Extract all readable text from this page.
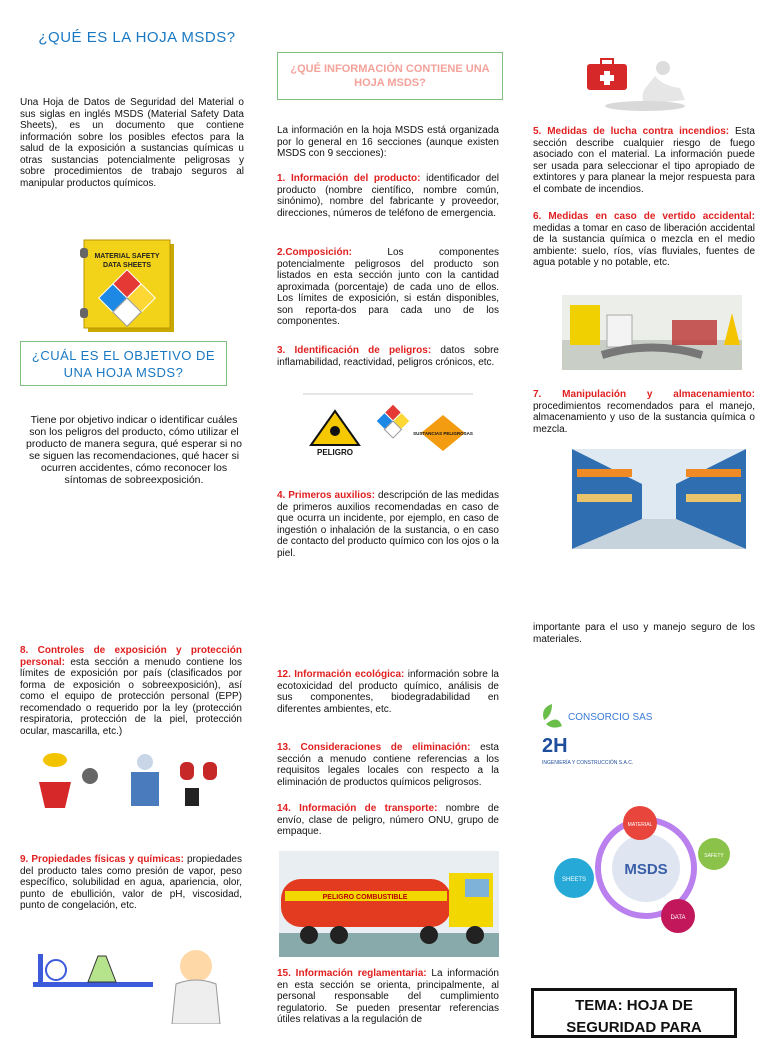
¿QUÉ ES LA HOJA MSDS?

Una Hoja de Datos de Seguridad del Material o sus siglas en inglés MSDS (Material Safety Data Sheets), es un documento que contiene información sobre los posibles efectos para la salud de la exposición a sustancias químicas u otras sustancias potencialmente peligrosas y sobre procedimientos de trabajo seguros al manipular productos químicos.

MATERIAL SAFETY
DATA SHEETS

¿CUÁL ES EL OBJETIVO DE UNA HOJA MSDS?

Tiene por objetivo indicar o identificar cuáles son los peligros del producto, cómo utilizar el producto de manera segura, qué esperar si no se siguen las recomendaciones, qué hacer si ocurren accidentes, cómo reconocer los síntomas de sobreexposición.

¿QUÉ INFORMACIÓN CONTIENE UNA HOJA MSDS?

La información en la hoja MSDS está organizada por lo general en 16 secciones (aunque existen MSDS con 9 secciones):

1. Información del producto: identificador del producto (nombre científico, nombre común, sinónimo), nombre del fabricante y proveedor, direcciones, números de teléfono de emergencia.

2.Composición: Los componentes potencialmente peligrosos del producto son listados en esta sección junto con la cantidad aproximada (porcentaje) de cada uno de ellos. Los límites de exposición, si están disponibles, son reporta-dos para cada uno de los componentes.

3. Identificación de peligros: datos sobre inflamabilidad, reactividad, peligros crónicos, etc.

PELIGRO
SUSTANCIAS PELIGROSAS

4. Primeros auxilios: descripción de las medidas de primeros auxilios recomendadas en caso de que ocurra un incidente, por ejemplo, en caso de ingestión o inhalación de la sustancia, o en caso de contacto del producto químico con los ojos o la piel.

5. Medidas de lucha contra incendios: Esta sección describe cualquier riesgo de fuego asociado con el material. La información puede ser usada para seleccionar el tipo apropiado de extintores y para planear la mejor respuesta para el combate de incendios.

6. Medidas en caso de vertido accidental: medidas a tomar en caso de liberación accidental de la sustancia química o mezcla en el medio ambiente: suelo, ríos, vías fluviales, fuentes de agua potable y no potable, etc.

7. Manipulación y almacenamiento: procedimientos recomendados para el manejo, almacenamiento y uso de la sustancia química o mezcla.

8. Controles de exposición y protección personal: esta sección a menudo contiene los límites de exposición por país (clasificados por forma de exposición o sobreexposición), así como el equipo de protección personal (EPP) recomendado o requerido por la ley (protección respiratoria, protección de la piel, protección ocular, mascarilla, etc.)

9. Propiedades físicas y químicas: propiedades del producto tales como presión de vapor, peso específico, solubilidad en agua, apariencia, olor, punto de ebullición, valor de pH, viscosidad, punto de congelación, etc.

12. Información ecológica: información sobre la ecotoxicidad del producto químico, análisis de sus componentes, biodegradabilidad en diferentes ambientes, etc.

13. Consideraciones de eliminación: esta sección a menudo contiene referencias a los requisitos legales locales con respecto a la eliminación de productos químicos peligrosos.

14. Información de transporte: nombre de envío, clase de peligro, número ONU, grupo de empaque.

PELIGRO COMBUSTIBLE

15. Información reglamentaria: La información en esta sección se orienta, principalmente, al personal responsable del cumplimiento regulatorio. Se pueden presentar referencias útiles relativas a la regulación de

importante para el uso y manejo seguro de los materiales.

CONSORCIO SAS
2H
INGENIERÍA Y CONSTRUCCIÓN S.A.C.
MSDS
MATERIAL
SAFETY
DATA
SHEETS
TEMA: HOJA DE
SEGURIDAD PARA
